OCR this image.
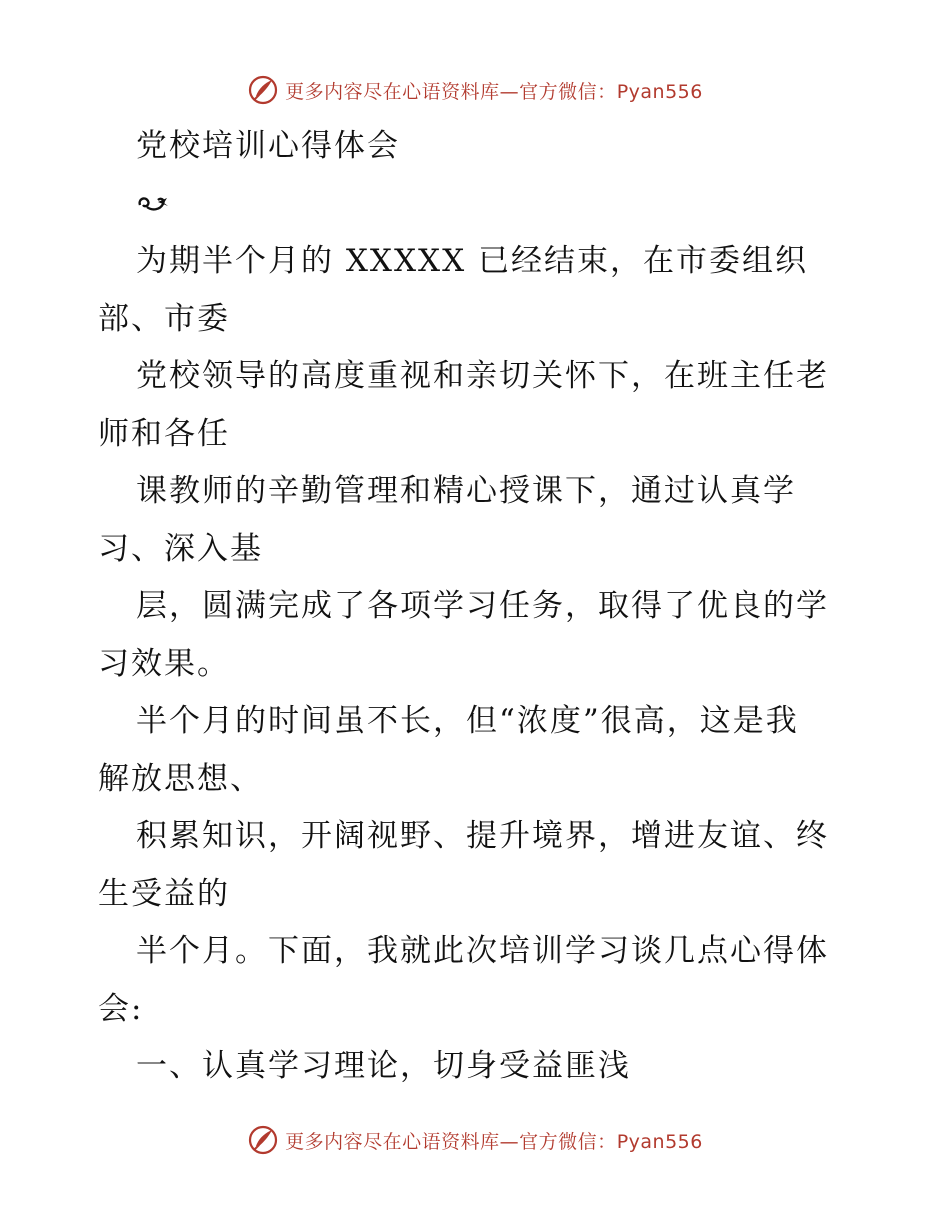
更多内容尽在心语资料库—官方微信：Pyan556
党校培训心得体会
为期半个月的 XXXXX 已经结束，在市委组织
部、市委
党校领导的高度重视和亲切关怀下，在班主任老
师和各任
课教师的辛勤管理和精心授课下，通过认真学
习、深入基
层，圆满完成了各项学习任务，取得了优良的学
习效果。
半个月的时间虽不长，但“浓度”很高，这是我
解放思想、
积累知识，开阔视野、提升境界，增进友谊、终
生受益的
半个月。下面，我就此次培训学习谈几点心得体
会:
一、认真学习理论，切身受益匪浅
更多内容尽在心语资料库—官方微信：Pyan556
